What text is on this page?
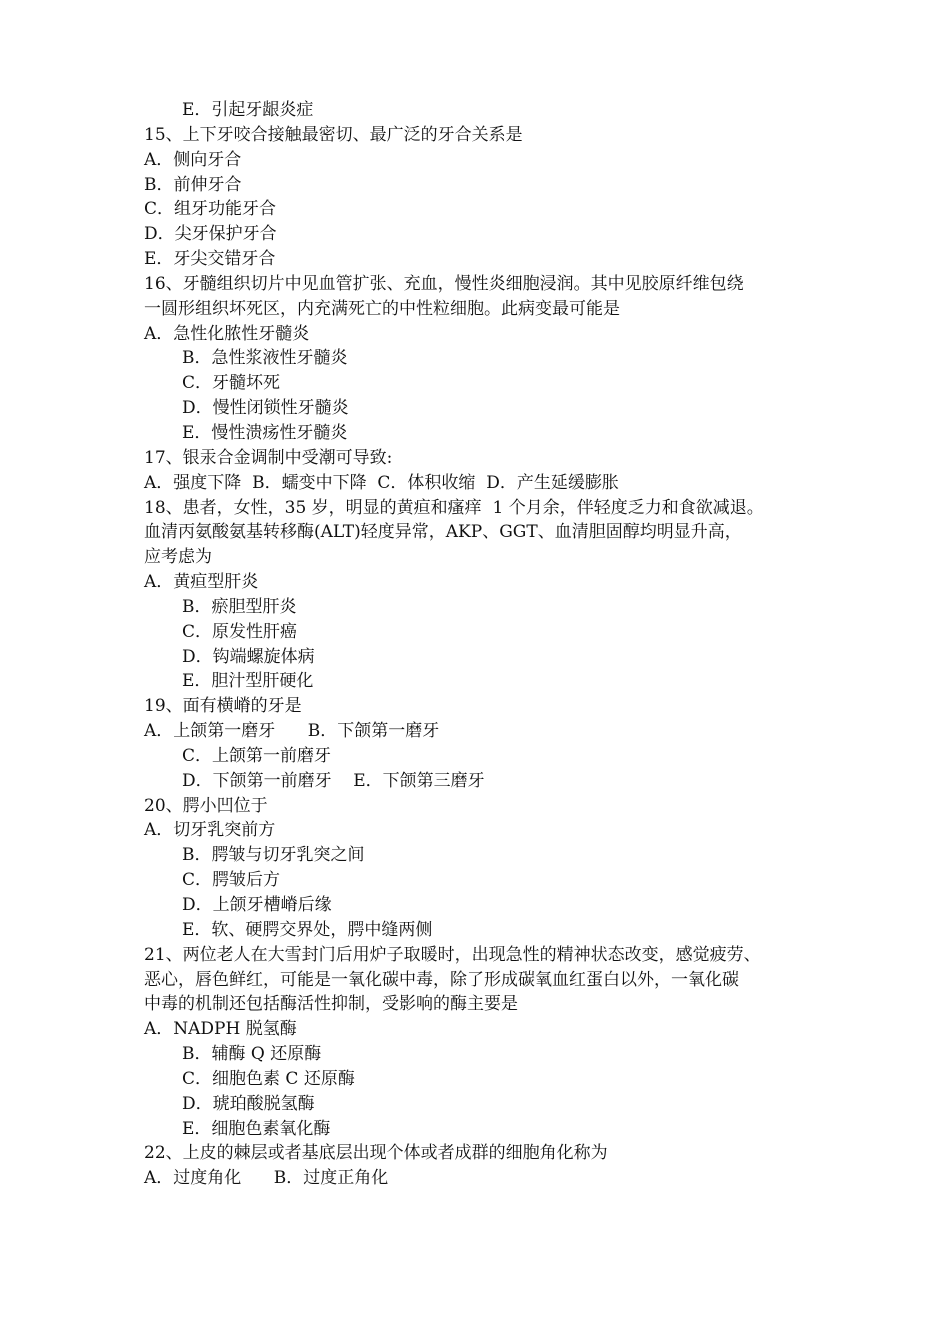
E．引起牙龈炎症
15、上下牙咬合接触最密切、最广泛的牙合关系是
A．侧向牙合
B．前伸牙合
C．组牙功能牙合
D．尖牙保护牙合
E．牙尖交错牙合
16、牙髓组织切片中见血管扩张、充血，慢性炎细胞浸润。其中见胶原纤维包绕
一圆形组织坏死区，内充满死亡的中性粒细胞。此病变最可能是
A．急性化脓性牙髓炎
B．急性浆液性牙髓炎
C．牙髓坏死
D．慢性闭锁性牙髓炎
E．慢性溃疡性牙髓炎
17、银汞合金调制中受潮可导致:
A．强度下降  B．蠕变中下降  C．体积收缩  D．产生延缓膨胀
18、患者，女性，35 岁，明显的黄疸和瘙痒  1 个月余，伴轻度乏力和食欲减退。
血清丙氨酸氨基转移酶(ALT)轻度异常，AKP、GGT、血清胆固醇均明显升高，
应考虑为
A．黄疸型肝炎
B．瘀胆型肝炎
C．原发性肝癌
D．钩端螺旋体病
E．胆汁型肝硬化
19、面有横嵴的牙是
A．上颌第一磨牙      B．下颌第一磨牙
C．上颌第一前磨牙
D．下颌第一前磨牙    E．下颌第三磨牙
20、腭小凹位于
A．切牙乳突前方
B．腭皱与切牙乳突之间
C．腭皱后方
D．上颌牙槽嵴后缘
E．软、硬腭交界处，腭中缝两侧
21、两位老人在大雪封门后用炉子取暖时，出现急性的精神状态改变，感觉疲劳、
恶心，唇色鲜红，可能是一氧化碳中毒，除了形成碳氧血红蛋白以外，一氧化碳
中毒的机制还包括酶活性抑制，受影响的酶主要是
A．NADPH 脱氢酶
B．辅酶 Q 还原酶
C．细胞色素 C 还原酶
D．琥珀酸脱氢酶
E．细胞色素氧化酶
22、上皮的棘层或者基底层出现个体或者成群的细胞角化称为
A．过度角化      B．过度正角化
